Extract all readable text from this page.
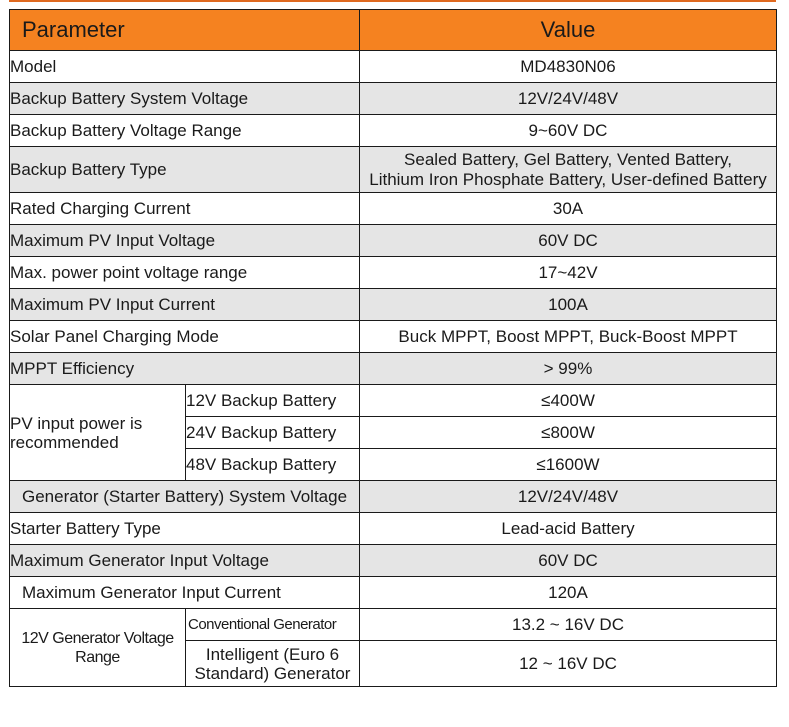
Parameter		Value
Model		MD4830N06
Backup Battery System Voltage		12V/24V/48V
Backup Battery Voltage Range		9~60V DC
Backup Battery Type		Sealed Battery, Gel Battery, Vented Battery,
Lithium Iron Phosphate Battery, User-defined Battery

Rated Charging Current		30A
Maximum PV Input Voltage		60V DC
Max. power point voltage range		17~42V
Maximum PV Input Current		100A
Solar Panel Charging Mode		Buck MPPT, Boost MPPT, Buck-Boost MPPT
MPPT Efficiency		> 99%

PV input power is
recommended	12V Backup Battery	≤400W
	24V Backup Battery	≤800W
	48V Backup Battery	≤1600W
Generator (Starter Battery) System Voltage		12V/24V/48V
Starter Battery Type		Lead-acid Battery
Maximum Generator Input Voltage		60V DC
Maximum Generator Input Current		120A

12V Generator Voltage
Range	Conventional Generator	13.2 ~ 16V DC

	Intelligent (Euro 6
Standard) Generator	12 ~ 16V DC
